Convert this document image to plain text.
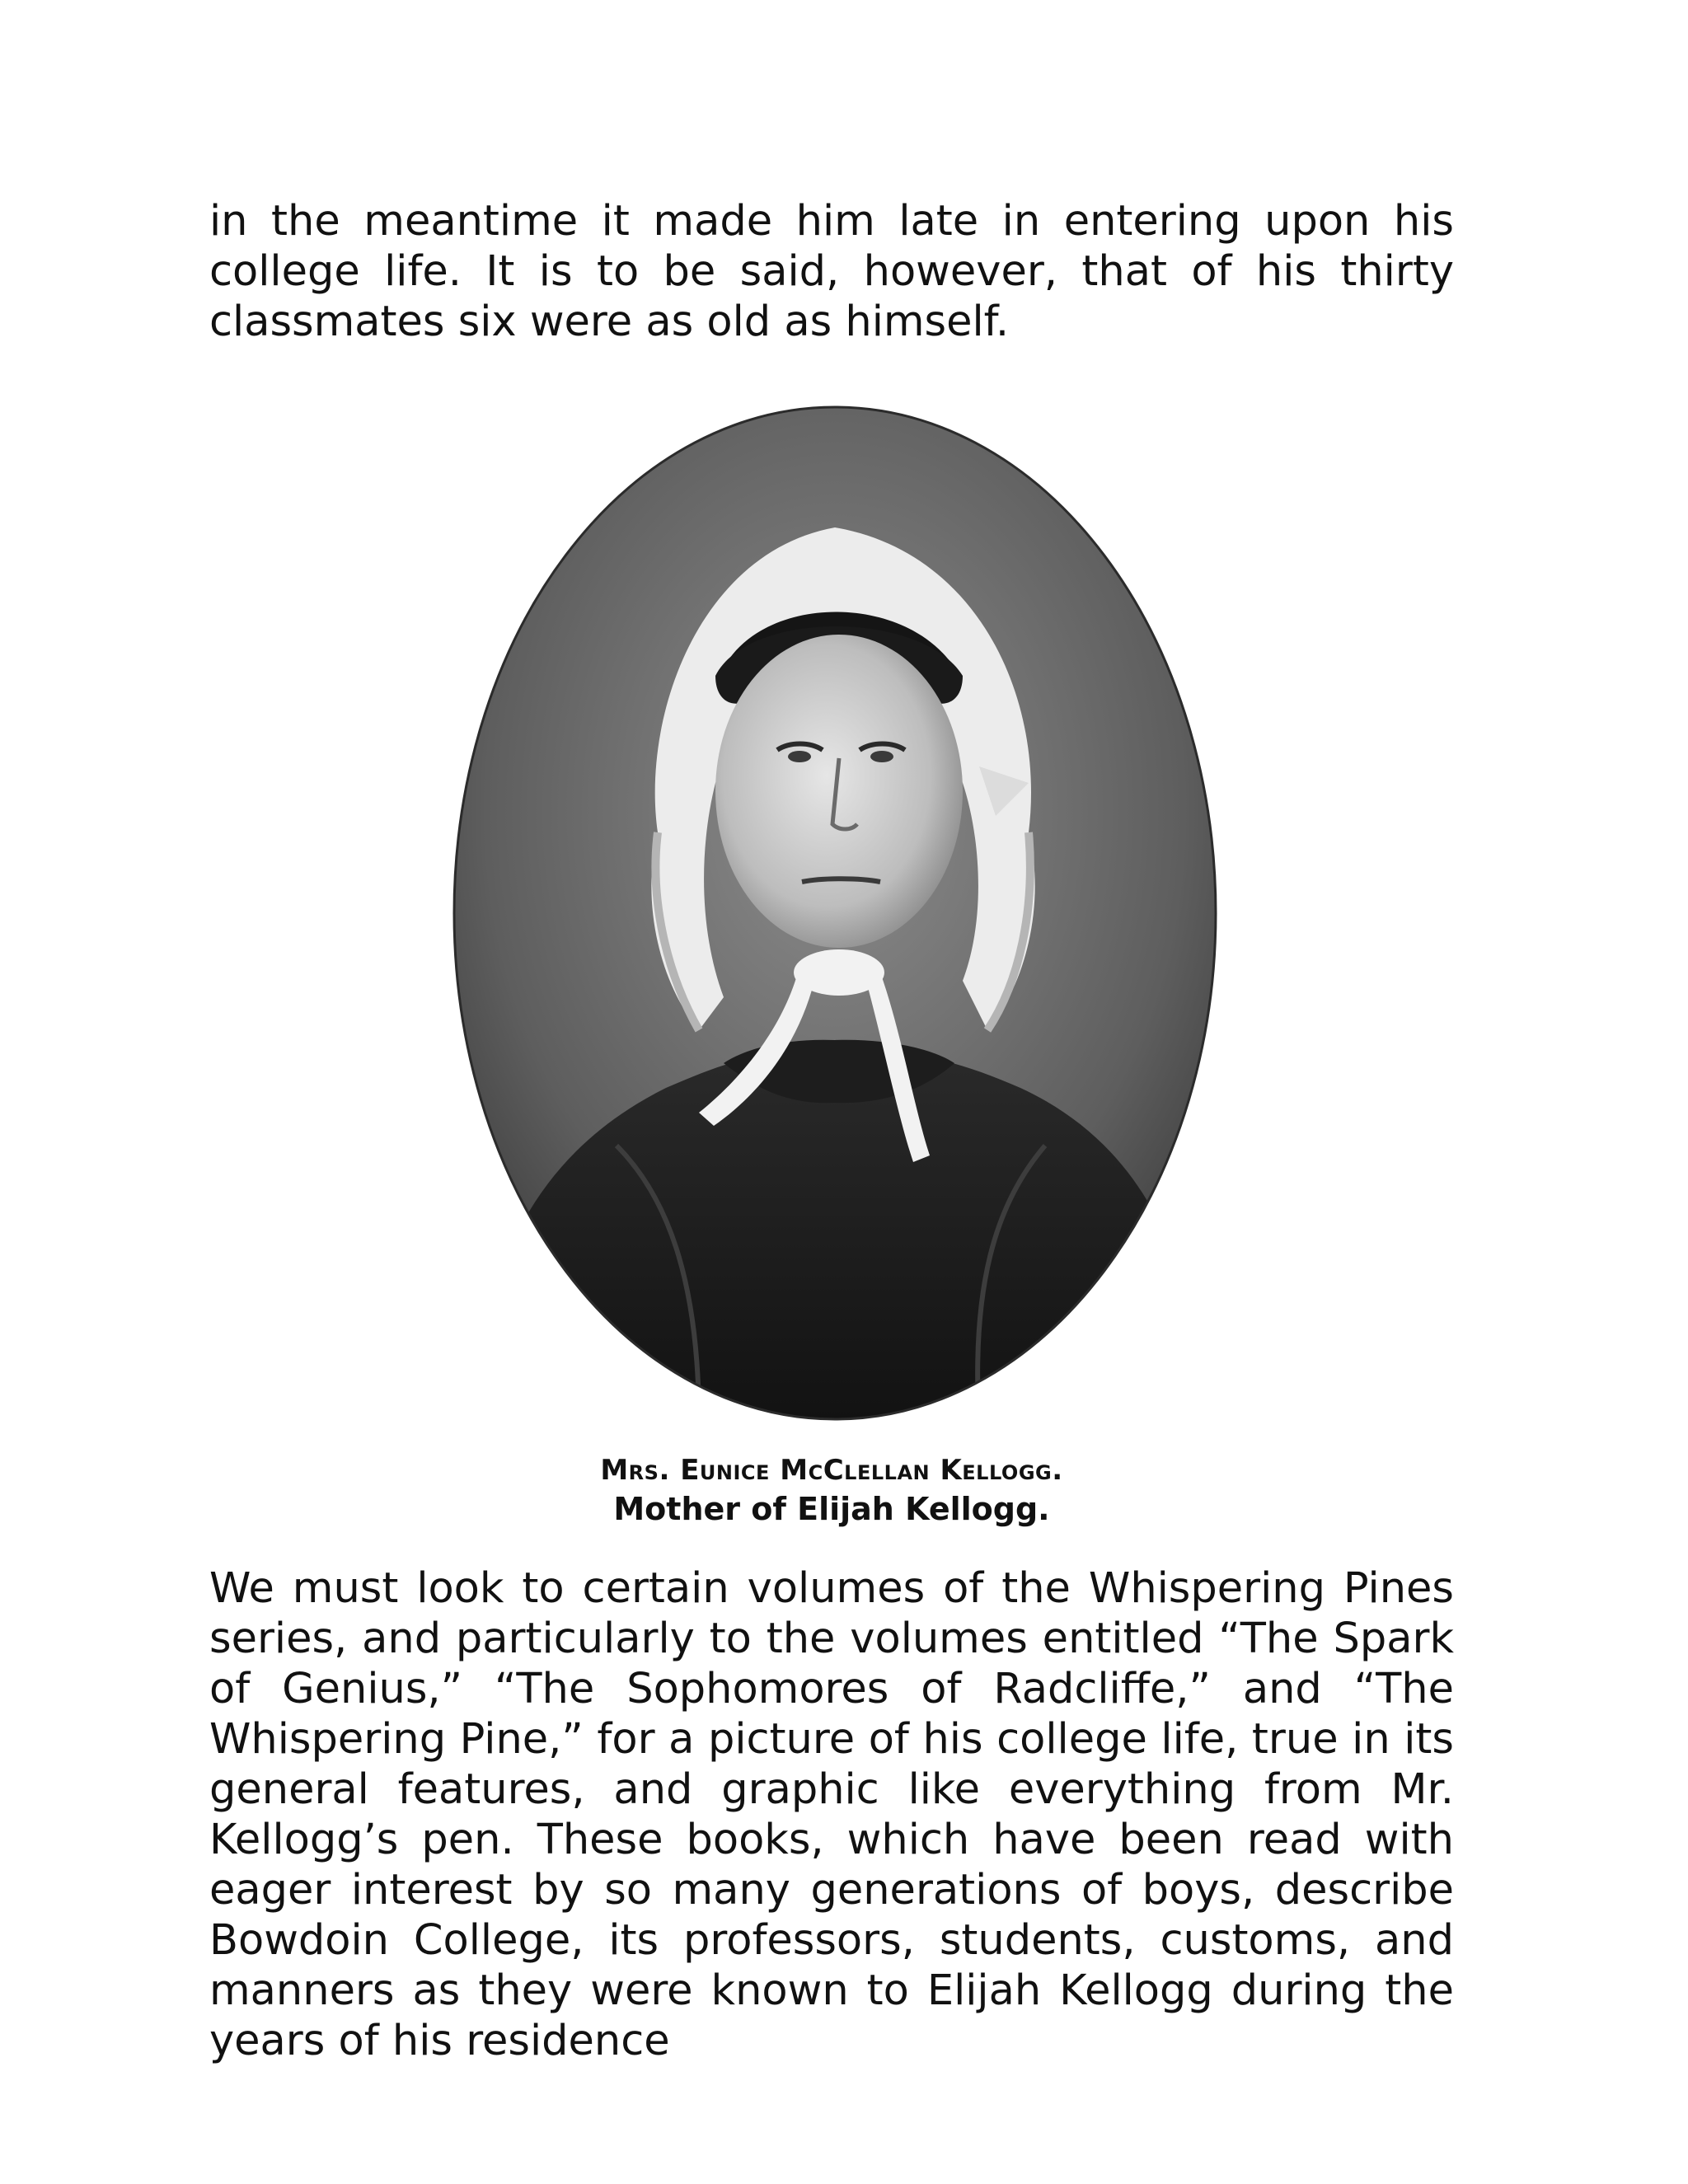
in the meantime it made him late in entering upon his college life. It is to be said, however, that of his thirty classmates six were as old as himself.

Mrs. Eunice McClellan Kellogg.

Mother of Elijah Kellogg.

We must look to certain volumes of the Whispering Pines series, and particularly to the volumes entitled “The Spark of Genius,” “The Sophomores of Radcliffe,” and “The Whispering Pine,” for a picture of his college life, true in its general features, and graphic like everything from Mr. Kellogg’s pen. These books, which have been read with eager interest by so many generations of boys, describe Bowdoin College, its professors, students, customs, and manners as they were known to Elijah Kellogg during the years of his residence
